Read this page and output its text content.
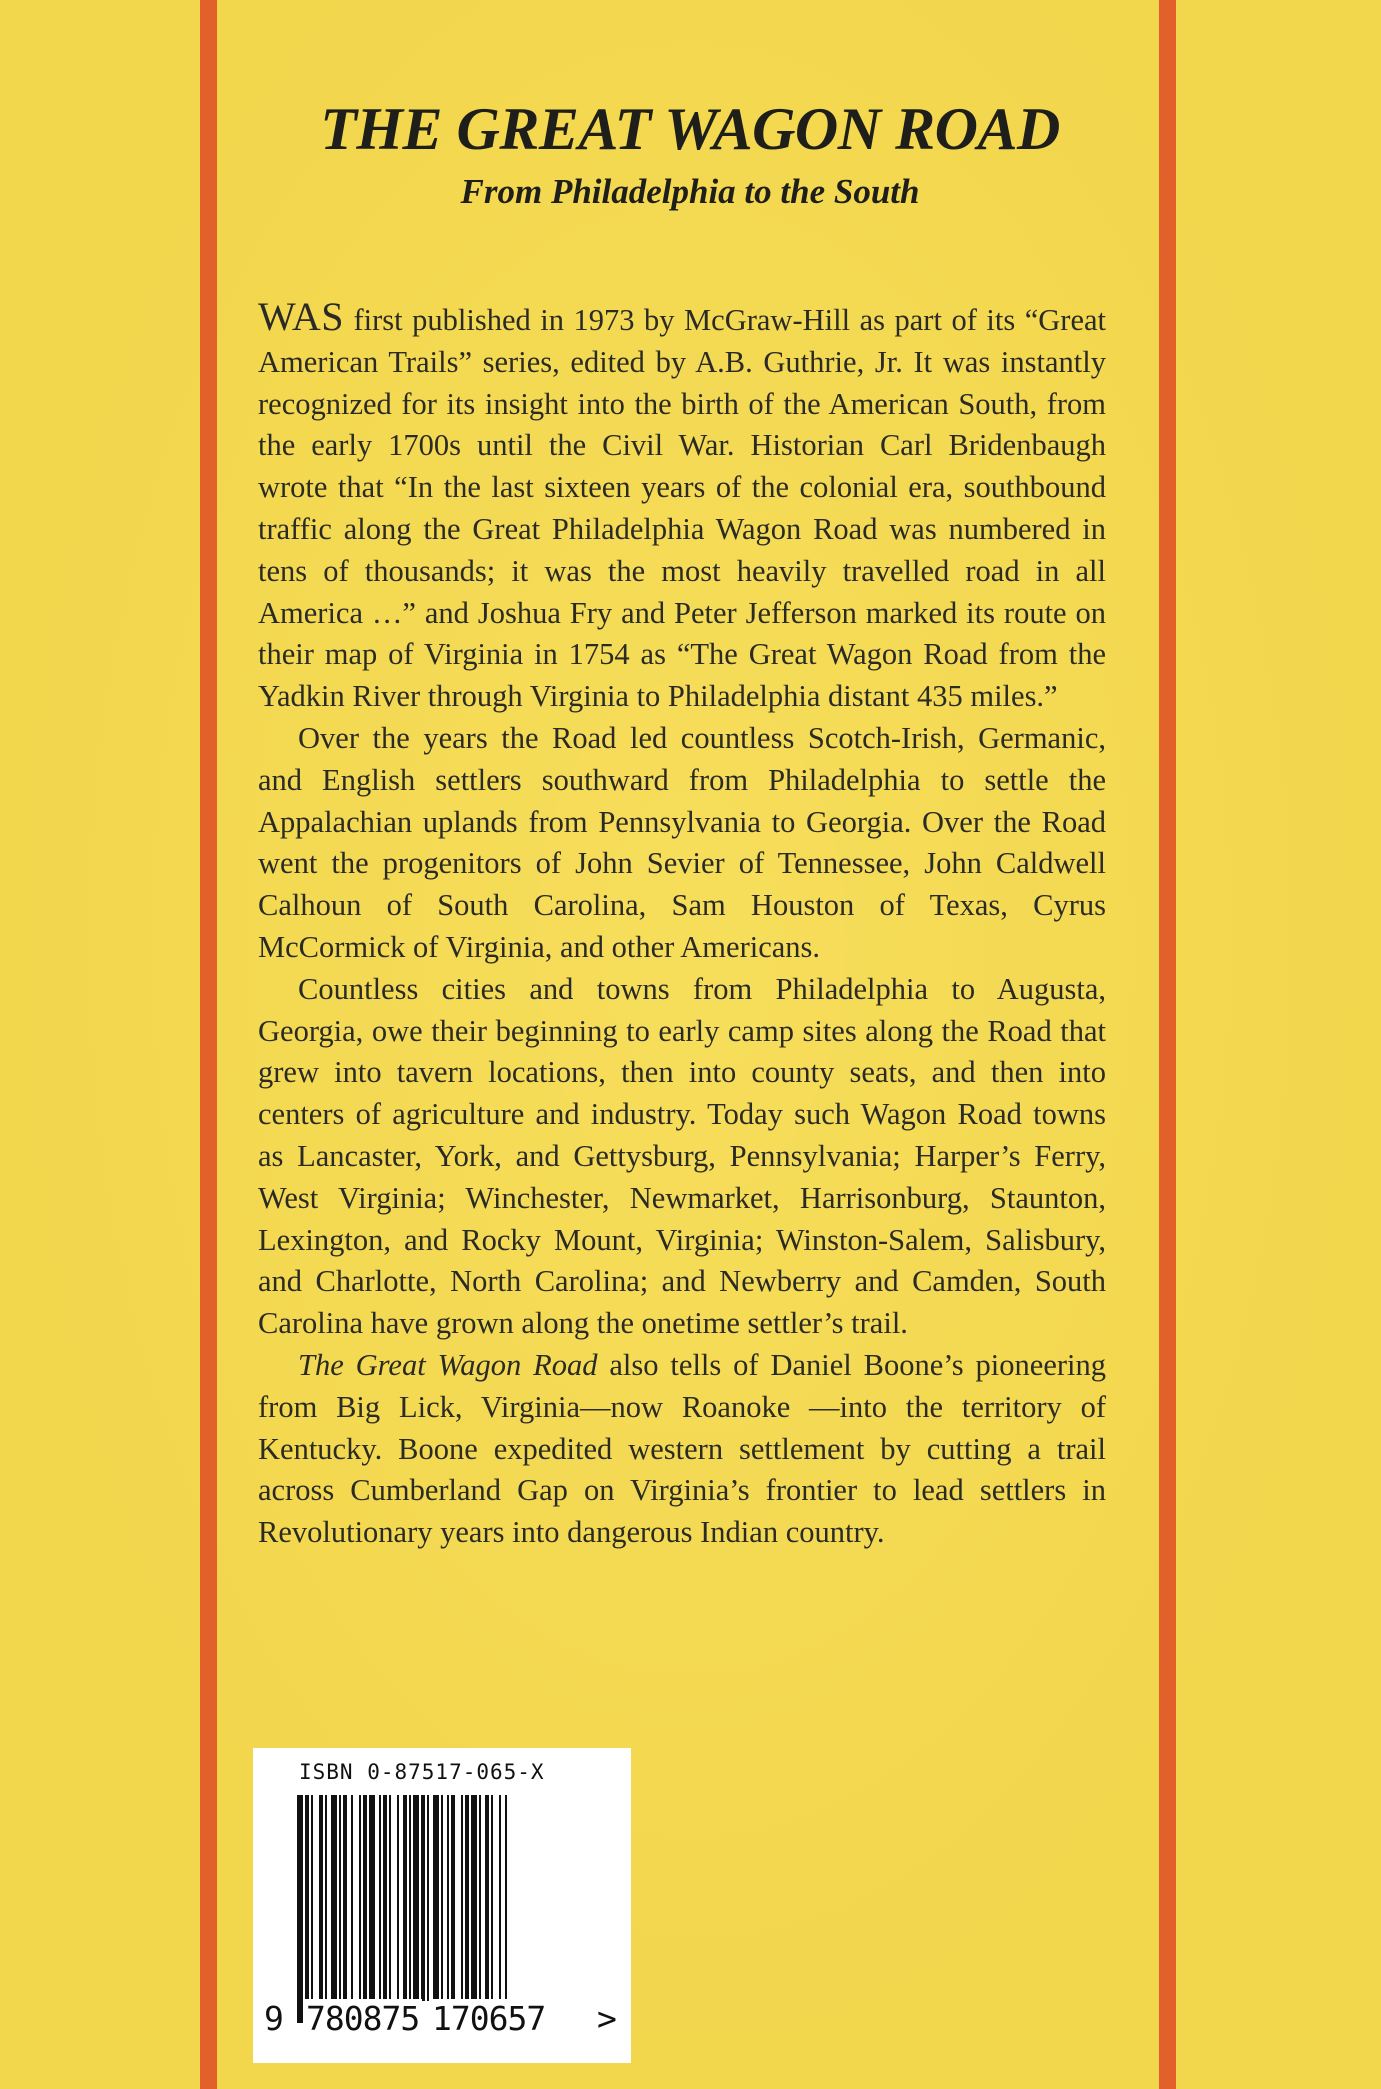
THE GREAT WAGON ROAD
From Philadelphia to the South

WAS first published in 1973 by McGraw-Hill as part of its “Great American Trails” series, edited by A.B. Guthrie, Jr. It was instantly recognized for its insight into the birth of the American South, from the early 1700s until the Civil War. Historian Carl Bridenbaugh wrote that “In the last sixteen years of the colonial era, southbound traffic along the Great Philadelphia Wagon Road was numbered in tens of thousands; it was the most heavily travelled road in all America …” and Joshua Fry and Peter Jefferson marked its route on their map of Virginia in 1754 as “The Great Wagon Road from the Yadkin River through Virginia to Philadelphia distant 435 miles.”

Over the years the Road led countless Scotch-Irish, Germanic, and English settlers southward from Philadelphia to settle the Appalachian uplands from Pennsylvania to Georgia. Over the Road went the progenitors of John Sevier of Tennessee, John Caldwell Calhoun of South Carolina, Sam Houston of Texas, Cyrus McCormick of Virginia, and other Americans.

Countless cities and towns from Philadelphia to Augusta, Georgia, owe their beginning to early camp sites along the Road that grew into tavern locations, then into county seats, and then into centers of agriculture and industry. Today such Wagon Road towns as Lancaster, York, and Gettysburg, Pennsylvania; Harper’s Ferry, West Virginia; Winchester, Newmarket, Harrisonburg, Staunton, Lexington, and Rocky Mount, Virginia; Winston-Salem, Salisbury, and Charlotte, North Carolina; and Newberry and Camden, South Carolina have grown along the onetime settler’s trail.

The Great Wagon Road also tells of Daniel Boone’s pioneering from Big Lick, Virginia—now Roanoke —into the territory of Kentucky. Boone expedited western settlement by cutting a trail across Cumberland Gap on Virginia’s frontier to lead settlers in Revolutionary years into dangerous Indian country.

ISBN 0-87517-065-X
9 780875 170657 >
